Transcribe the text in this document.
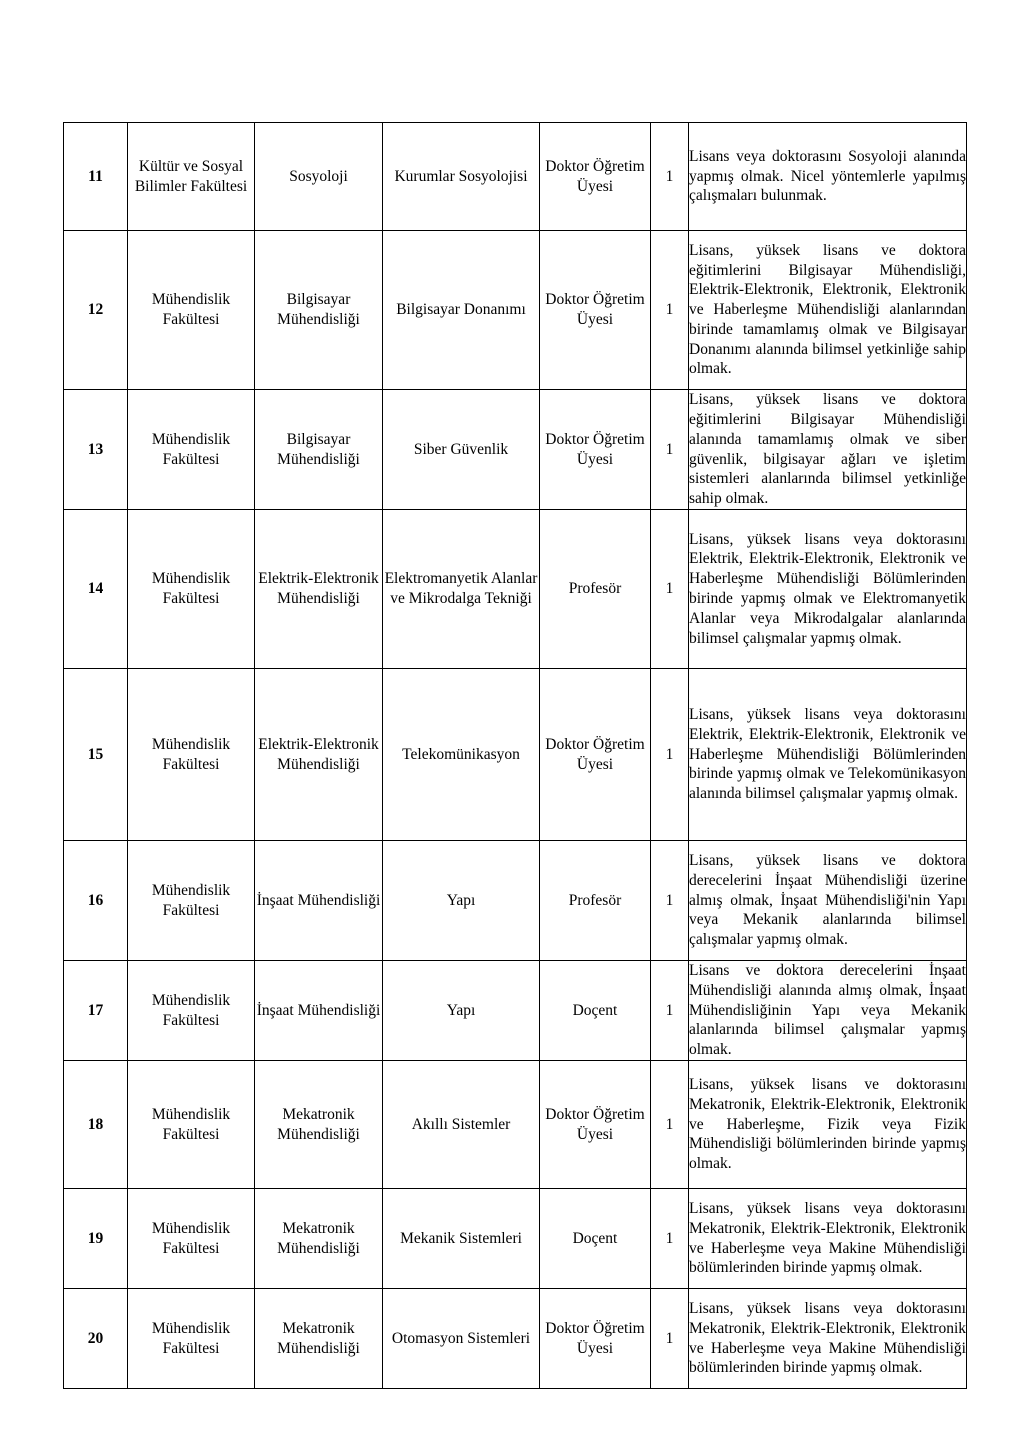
11	Kültür ve Sosyal Bilimler Fakültesi	Sosyoloji	Kurumlar Sosyolojisi	Doktor Öğretim Üyesi	1	Lisans veya doktorasını Sosyoloji alanında yapmış olmak. Nicel yöntemlerle yapılmış çalışmaları bulunmak.

12	Mühendislik Fakültesi	Bilgisayar Mühendisliği	Bilgisayar Donanımı	Doktor Öğretim Üyesi	1	Lisans, yüksek lisans ve doktora eğitimlerini Bilgisayar Mühendisliği, Elektrik-Elektronik, Elektronik, Elektronik ve Haberleşme Mühendisliği alanlarından birinde tamamlamış olmak ve Bilgisayar Donanımı alanında bilimsel yetkinliğe sahip olmak.

13	Mühendislik Fakültesi	Bilgisayar Mühendisliği	Siber Güvenlik	Doktor Öğretim Üyesi	1	Lisans, yüksek lisans ve doktora eğitimlerini Bilgisayar Mühendisliği alanında tamamlamış olmak ve siber güvenlik, bilgisayar ağları ve işletim sistemleri alanlarında bilimsel yetkinliğe sahip olmak.

14	Mühendislik Fakültesi	Elektrik-Elektronik Mühendisliği	Elektromanyetik Alanlar ve Mikrodalga Tekniği	Profesör	1	Lisans, yüksek lisans veya doktorasını Elektrik, Elektrik-Elektronik, Elektronik ve Haberleşme Mühendisliği Bölümlerinden birinde yapmış olmak ve Elektromanyetik Alanlar veya Mikrodalgalar alanlarında bilimsel çalışmalar yapmış olmak.

15	Mühendislik Fakültesi	Elektrik-Elektronik Mühendisliği	Telekomünikasyon	Doktor Öğretim Üyesi	1	Lisans, yüksek lisans veya doktorasını Elektrik, Elektrik-Elektronik, Elektronik ve Haberleşme Mühendisliği Bölümlerinden birinde yapmış olmak ve Telekomünikasyon alanında bilimsel çalışmalar yapmış olmak.

16	Mühendislik Fakültesi	İnşaat Mühendisliği	Yapı	Profesör	1	Lisans, yüksek lisans ve doktora derecelerini İnşaat Mühendisliği üzerine almış olmak, İnşaat Mühendisliği'nin Yapı veya Mekanik alanlarında bilimsel çalışmalar yapmış olmak.

17	Mühendislik Fakültesi	İnşaat Mühendisliği	Yapı	Doçent	1	Lisans ve doktora derecelerini İnşaat Mühendisliği alanında almış olmak, İnşaat Mühendisliğinin Yapı veya Mekanik alanlarında bilimsel çalışmalar yapmış olmak.

18	Mühendislik Fakültesi	Mekatronik Mühendisliği	Akıllı Sistemler	Doktor Öğretim Üyesi	1	Lisans, yüksek lisans ve doktorasını Mekatronik, Elektrik-Elektronik, Elektronik ve Haberleşme, Fizik veya Fizik Mühendisliği bölümlerinden birinde yapmış olmak.

19	Mühendislik Fakültesi	Mekatronik Mühendisliği	Mekanik Sistemleri	Doçent	1	Lisans, yüksek lisans veya doktorasını Mekatronik, Elektrik-Elektronik, Elektronik ve Haberleşme veya Makine Mühendisliği bölümlerinden birinde yapmış olmak.

20	Mühendislik Fakültesi	Mekatronik Mühendisliği	Otomasyon Sistemleri	Doktor Öğretim Üyesi	1	Lisans, yüksek lisans veya doktorasını Mekatronik, Elektrik-Elektronik, Elektronik ve Haberleşme veya Makine Mühendisliği bölümlerinden birinde yapmış olmak.
